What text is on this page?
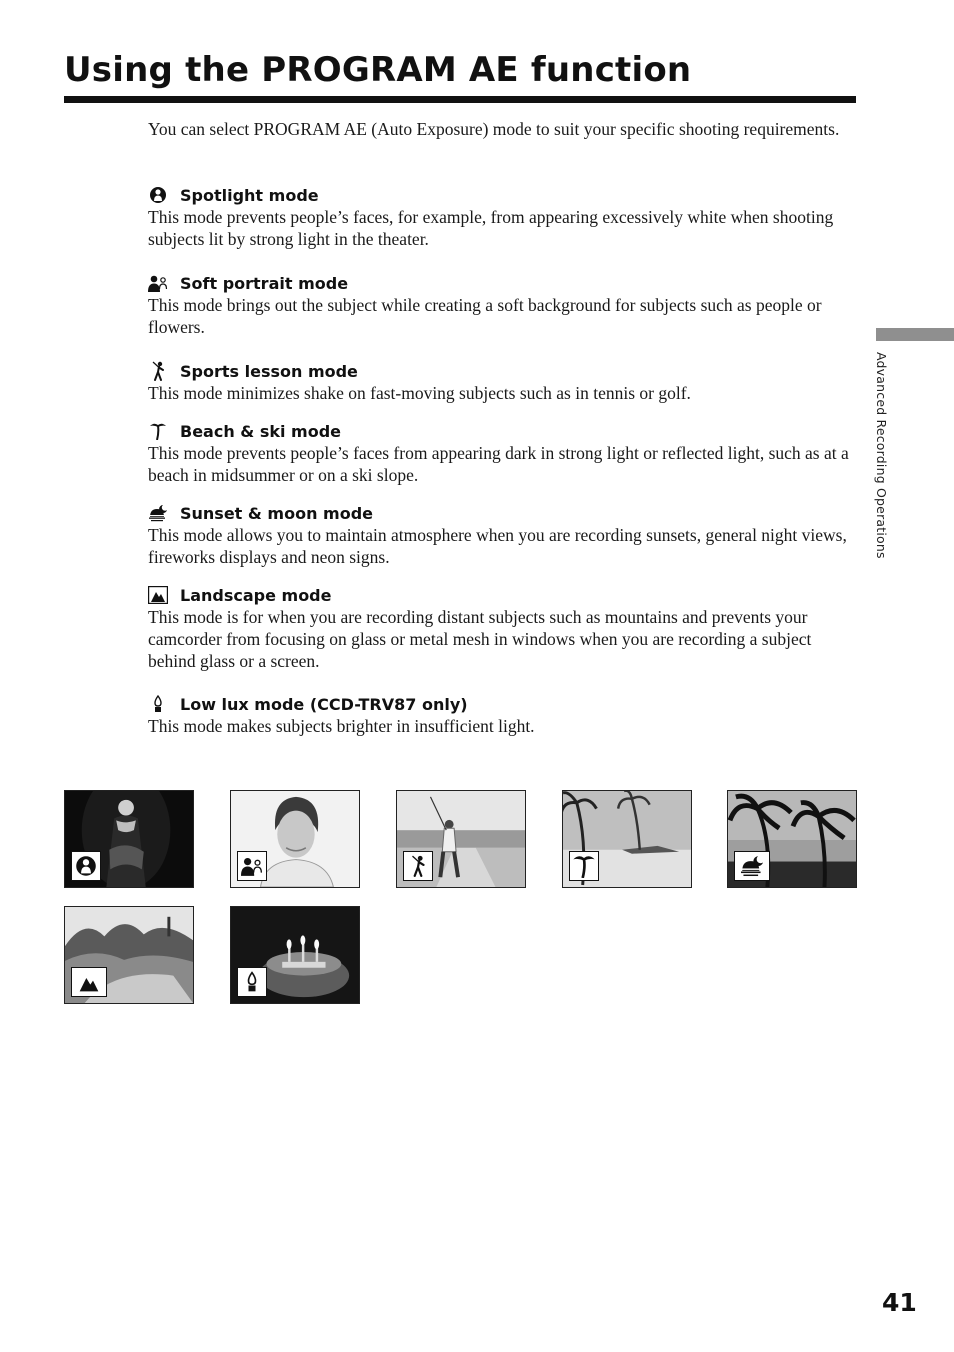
Using the PROGRAM AE function

You can select PROGRAM AE (Auto Exposure) mode to suit your specific shooting requirements.

Spotlight mode

This mode prevents people’s faces, for example, from appearing excessively white when shooting subjects lit by strong light in the theater.

Soft portrait mode

This mode brings out the subject while creating a soft background for subjects such as people or flowers.

Sports lesson mode

This mode minimizes shake on fast-moving subjects such as in tennis or golf.

Beach & ski mode

This mode prevents people’s faces from appearing dark in strong light or reflected light, such as at a beach in midsummer or on a ski slope.

Sunset & moon mode

This mode allows you to maintain atmosphere when you are recording sunsets, general night views, fireworks displays and neon signs.

Landscape mode

This mode is for when you are recording distant subjects such as mountains and prevents your camcorder from focusing on glass or metal mesh in windows when you are recording a subject behind glass or a screen.

Low lux mode (CCD-TRV87 only)

This mode makes subjects brighter in insufficient light.

Advanced Recording Operations
41
